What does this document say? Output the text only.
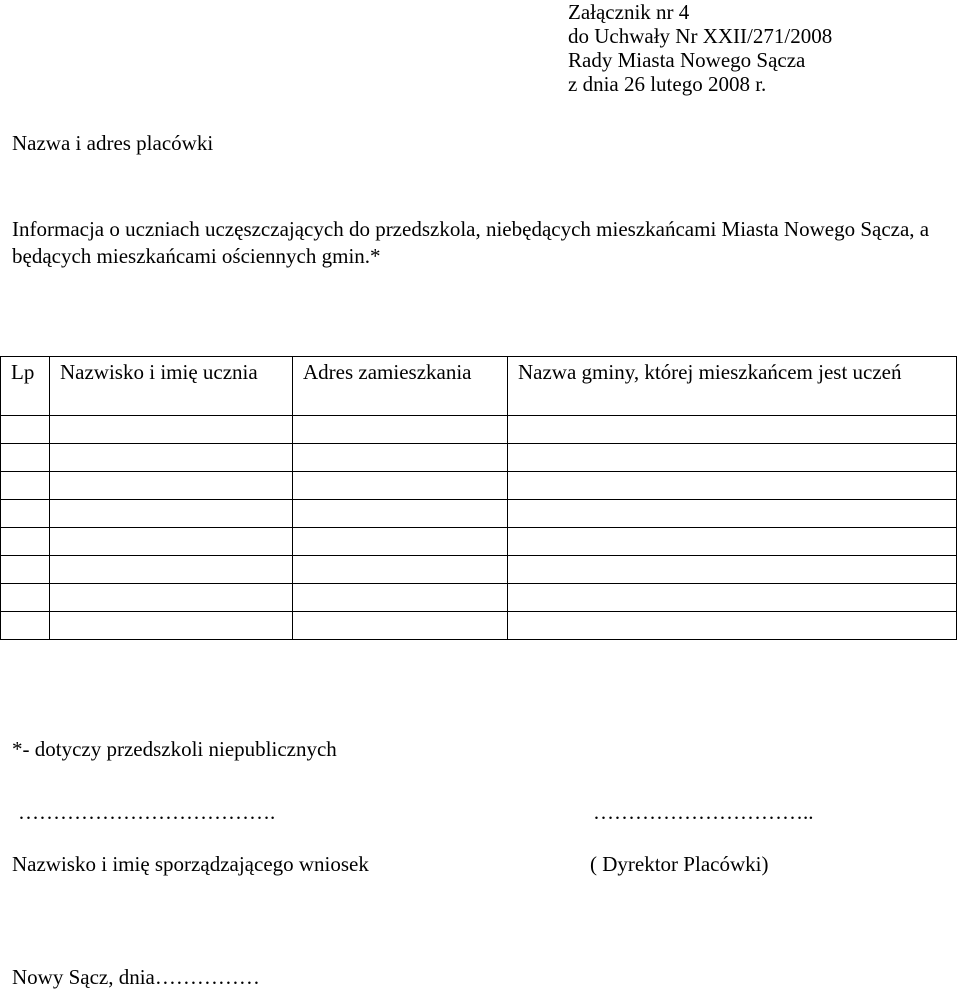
Załącznik nr 4
do Uchwały Nr XXII/271/2008
Rady Miasta Nowego Sącza
z dnia 26 lutego 2008 r.
Nazwa i adres placówki
Informacja o uczniach uczęszczających do przedszkola, niebędących mieszkańcami Miasta Nowego Sącza, a będących mieszkańcami ościennych gmin.*
Lp	Nazwisko i imię ucznia	Adres zamieszkania	Nazwa gminy, której mieszkańcem jest uczeń

*- dotyczy przedszkoli niepublicznych
……………………………….	…………………………..
Nazwisko i imię sporządzającego wniosek	( Dyrektor Placówki)
Nowy Sącz, dnia……………
